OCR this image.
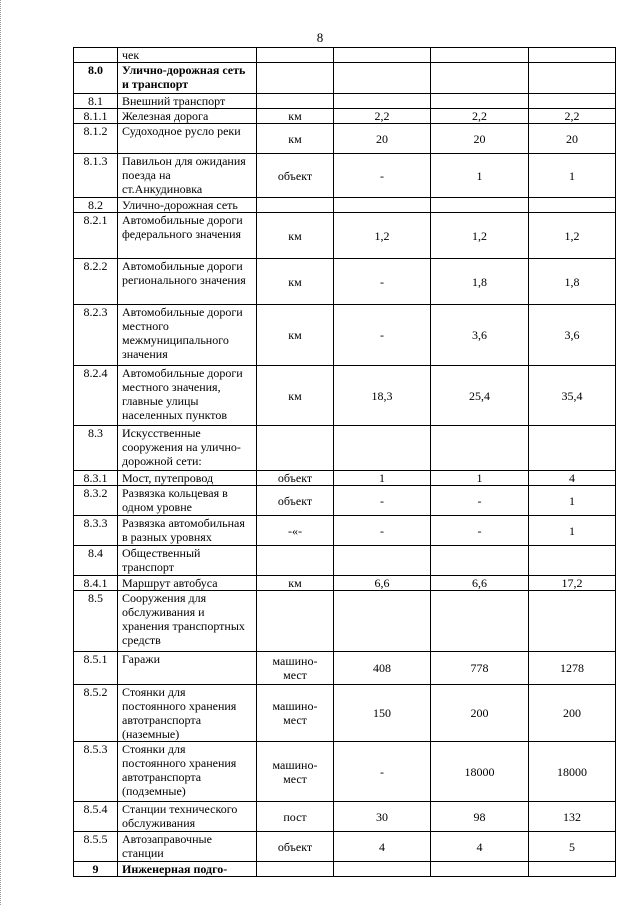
8
	чек				
8.0	Улично-дорожная сеть и транспорт				
8.1	Внешний транспорт				
8.1.1	Железная дорога	км	2,2	2,2	2,2
8.1.2	Судоходное русло реки	км	20	20	20
8.1.3	Павильон для ожидания поезда на ст.Анкудиновка	объект	-	1	1
8.2	Улично-дорожная сеть				
8.2.1	Автомобильные дороги федерального значения	км	1,2	1,2	1,2
8.2.2	Автомобильные дороги регионального значения	км	-	1,8	1,8
8.2.3	Автомобильные дороги местного межмуниципального значения	км	-	3,6	3,6
8.2.4	Автомобильные дороги местного значения, главные улицы населенных пунктов	км	18,3	25,4	35,4
8.3	Искусственные сооружения на улично-дорожной сети:				
8.3.1	Мост, путепровод	объект	1	1	4
8.3.2	Развязка кольцевая в одном уровне	объект	-	-	1
8.3.3	Развязка автомобильная в разных уровнях	-«-	-	-	1
8.4	Общественный транспорт				
8.4.1	Маршрут автобуса	км	6,6	6,6	17,2
8.5	Сооружения для обслуживания и хранения транспортных средств				
8.5.1	Гаражи	машино-мест	408	778	1278
8.5.2	Стоянки для постоянного хранения автотранспорта (наземные)	машино-мест	150	200	200
8.5.3	Стоянки для постоянного хранения автотранспорта (подземные)	машино-мест	-	18000	18000
8.5.4	Станции технического обслуживания	пост	30	98	132
8.5.5	Автозаправочные станции	объект	4	4	5
9	Инженерная подго-				
